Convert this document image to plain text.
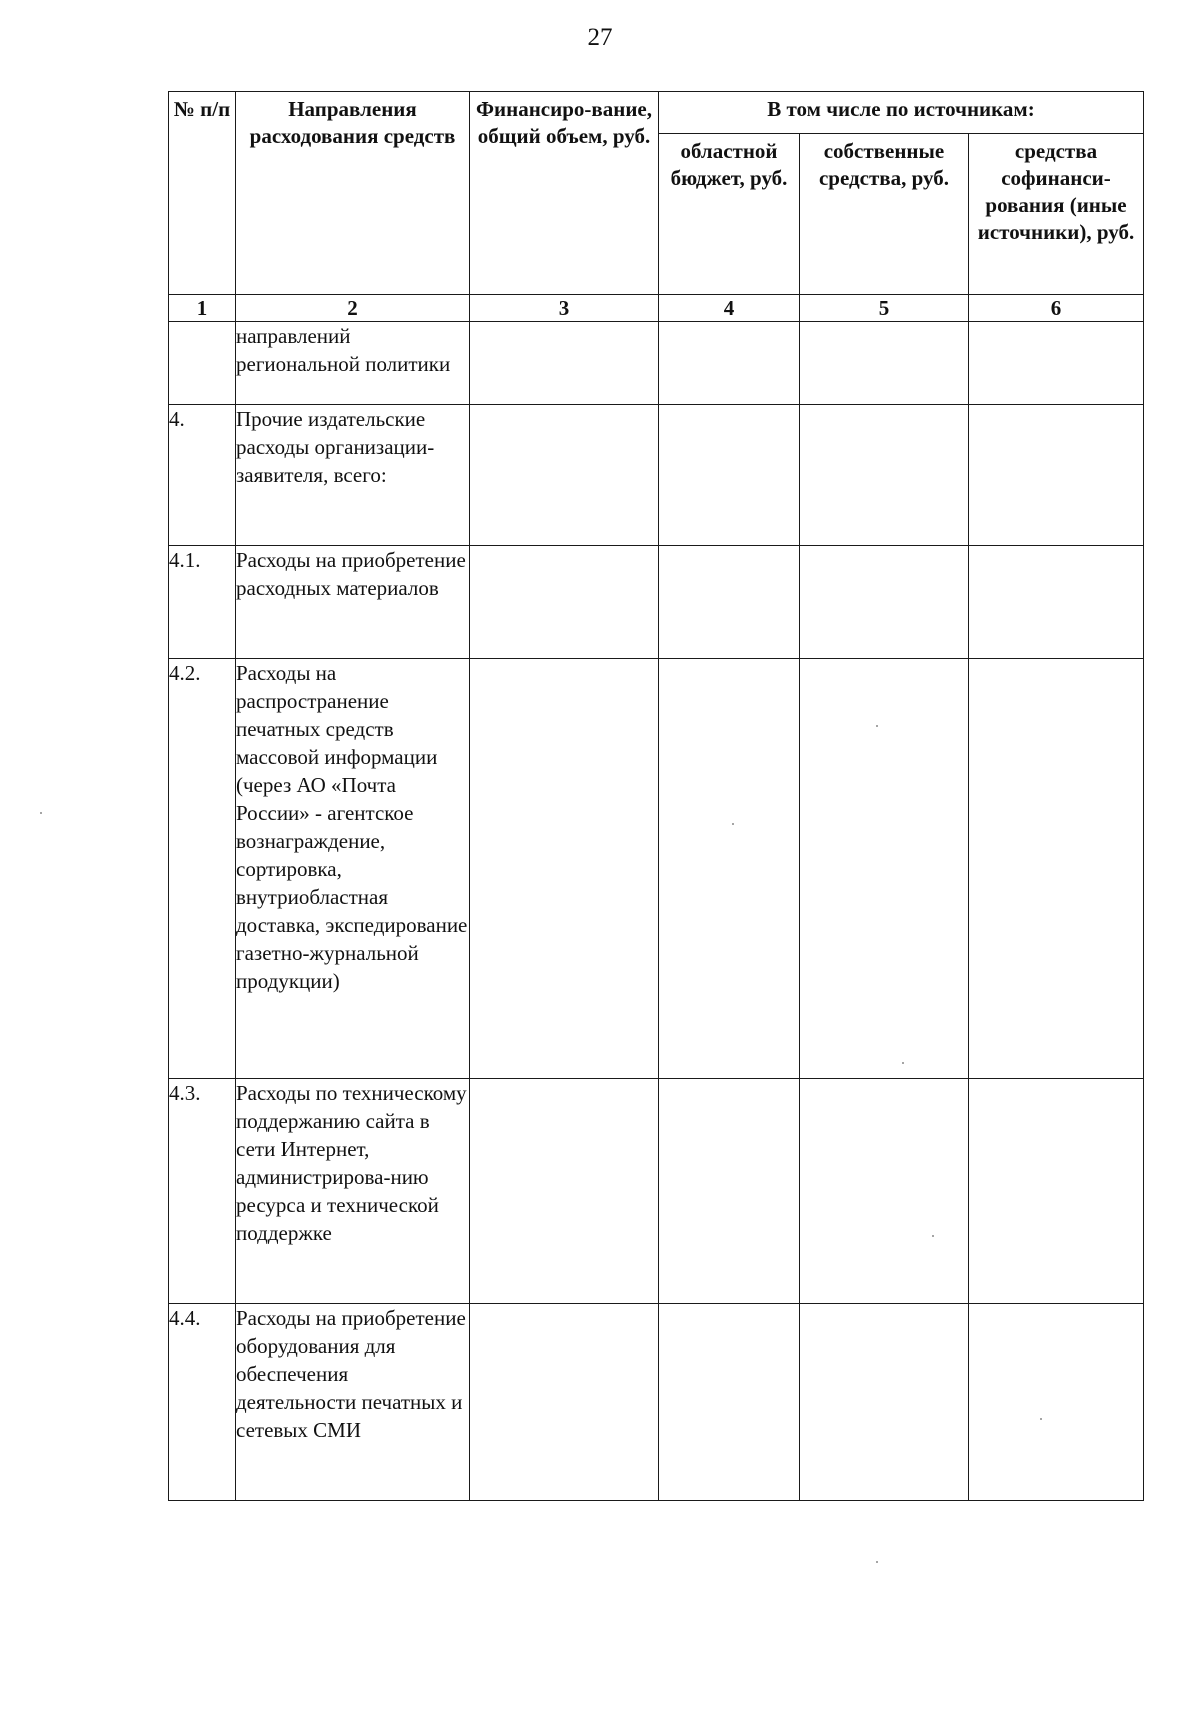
27
№ п/п	Направления расходования средств	Финансиро-вание, общий объем, руб.	В том числе по источникам:		
			областной бюджет, руб.	собственные средства, руб.	средства софинанси-рования (иные источники), руб.
1	2	3	4	5	6
	направлений региональной политики				
4.	Прочие издательские расходы организации-заявителя, всего:				
4.1.	Расходы на приобретение расходных материалов				
4.2.	Расходы на распространение печатных средств массовой информации (через АО «Почта России» - агентское вознаграждение, сортировка, внутриобластная доставка, экспедирование газетно-журнальной продукции)				
4.3.	Расходы по техническому поддержанию сайта в сети Интернет, администрирова-нию ресурса и технической поддержке				
4.4.	Расходы на приобретение оборудования для обеспечения деятельности печатных и сетевых СМИ				
